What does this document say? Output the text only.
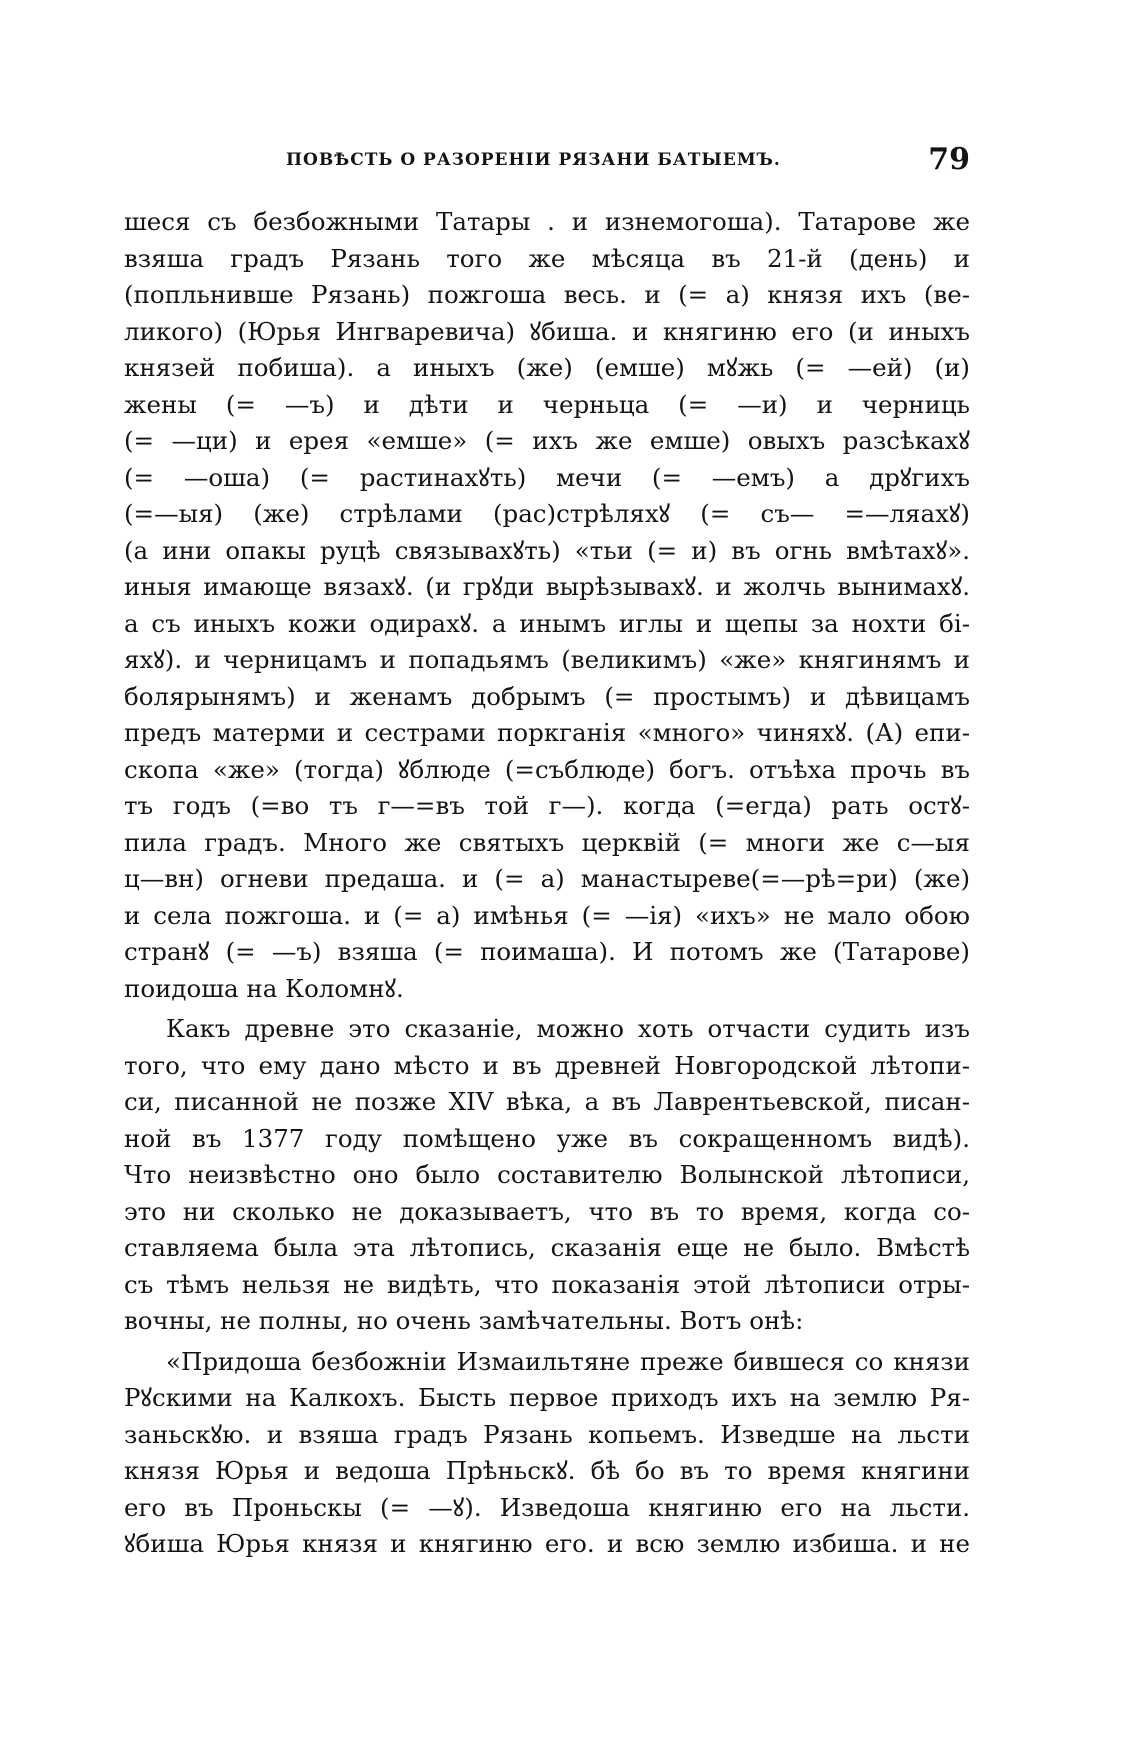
ПОВѢСТЬ О РАЗОРЕНІИ РЯЗАНИ БАТЫЕМЪ.	79
шеся съ безбожными Татары . и изнемогоша). Татарове же
взяша градъ Рязань того же мѣсяца въ 21-й (день) и
(попльнивше Рязань) пожгоша весь. и (= а) князя ихъ (ве-
ликого) (Юрья Ингваревича) ꙋбиша. и княгиню его (и иныхъ
князей побиша). а иныхъ (же) (емше) мꙋжь (= —ей) (и)
жены (= —ъ) и дѣти и черньца (= —и) и черниць
(= —ци) и ерея «емше» (= ихъ же емше) овыхъ разсѣкахꙋ
(= —оша) (= растинахꙋть) мечи (= —емъ) а дрꙋгихъ
(=—ыя) (же) стрѣлами (рас)стрѣляхꙋ (= съ— =—ляахꙋ)
(а ини опакы руцѣ связывахꙋть) «тьи (= и) въ огнь вмѣтахꙋ».
иныя имающе вязахꙋ. (и грꙋди вырѣзывахꙋ. и жолчь вынимахꙋ.
а съ иныхъ кожи одирахꙋ. а инымъ иглы и щепы за нохти бі-
яхꙋ). и черницамъ и попадьямъ (великимъ) «же» княгинямъ и
болярынямъ) и женамъ добрымъ (= простымъ) и дѣвицамъ
предъ матерми и сестрами поркганія «много» чиняхꙋ. (А) епи-
скопа «же» (тогда) ꙋблюде (=съблюде) богъ. отъѣха прочь въ
тъ годъ (=во тъ г—=въ той г—). когда (=егда) рать остꙋ-
пила градъ. Много же святыхъ церквій (= многи же с—ыя
ц—вн) огневи предаша. и (= а) манастыреве(=—рѣ=ри) (же)
и села пожгоша. и (= а) имѣнья (= —ія) «ихъ» не мало обою
странꙋ (= —ъ) взяша (= поимаша). И потомъ же (Татарове)
поидоша на Коломнꙋ.
Какъ древне это сказаніе, можно хоть отчасти судить изъ
того, что ему дано мѣсто и въ древней Новгородской лѣтопи-
си, писанной не позже XIV вѣка, а въ Лаврентьевской, писан-
ной въ 1377 году помѣщено уже въ сокращенномъ видѣ).
Что неизвѣстно оно было составителю Волынской лѣтописи,
это ни сколько не доказываетъ, что въ то время, когда со-
ставляема была эта лѣтопись, сказанія еще не было. Вмѣстѣ
съ тѣмъ нельзя не видѣть, что показанія этой лѣтописи отры-
вочны, не полны, но очень замѣчательны. Вотъ онѣ:
«Придоша безбожніи Измаильтяне преже бившеся со князи
Рꙋскими на Калкохъ. Бысть первое приходъ ихъ на землю Ря-
заньскꙋю. и взяша градъ Рязань копьемъ. Изведше на льсти
князя Юрья и ведоша Прѣньскꙋ. бѣ бо въ то время княгини
его въ Проньскы (= —ꙋ). Изведоша княгиню его на льсти.
ꙋбиша Юрья князя и княгиню его. и всю землю избиша. и не
